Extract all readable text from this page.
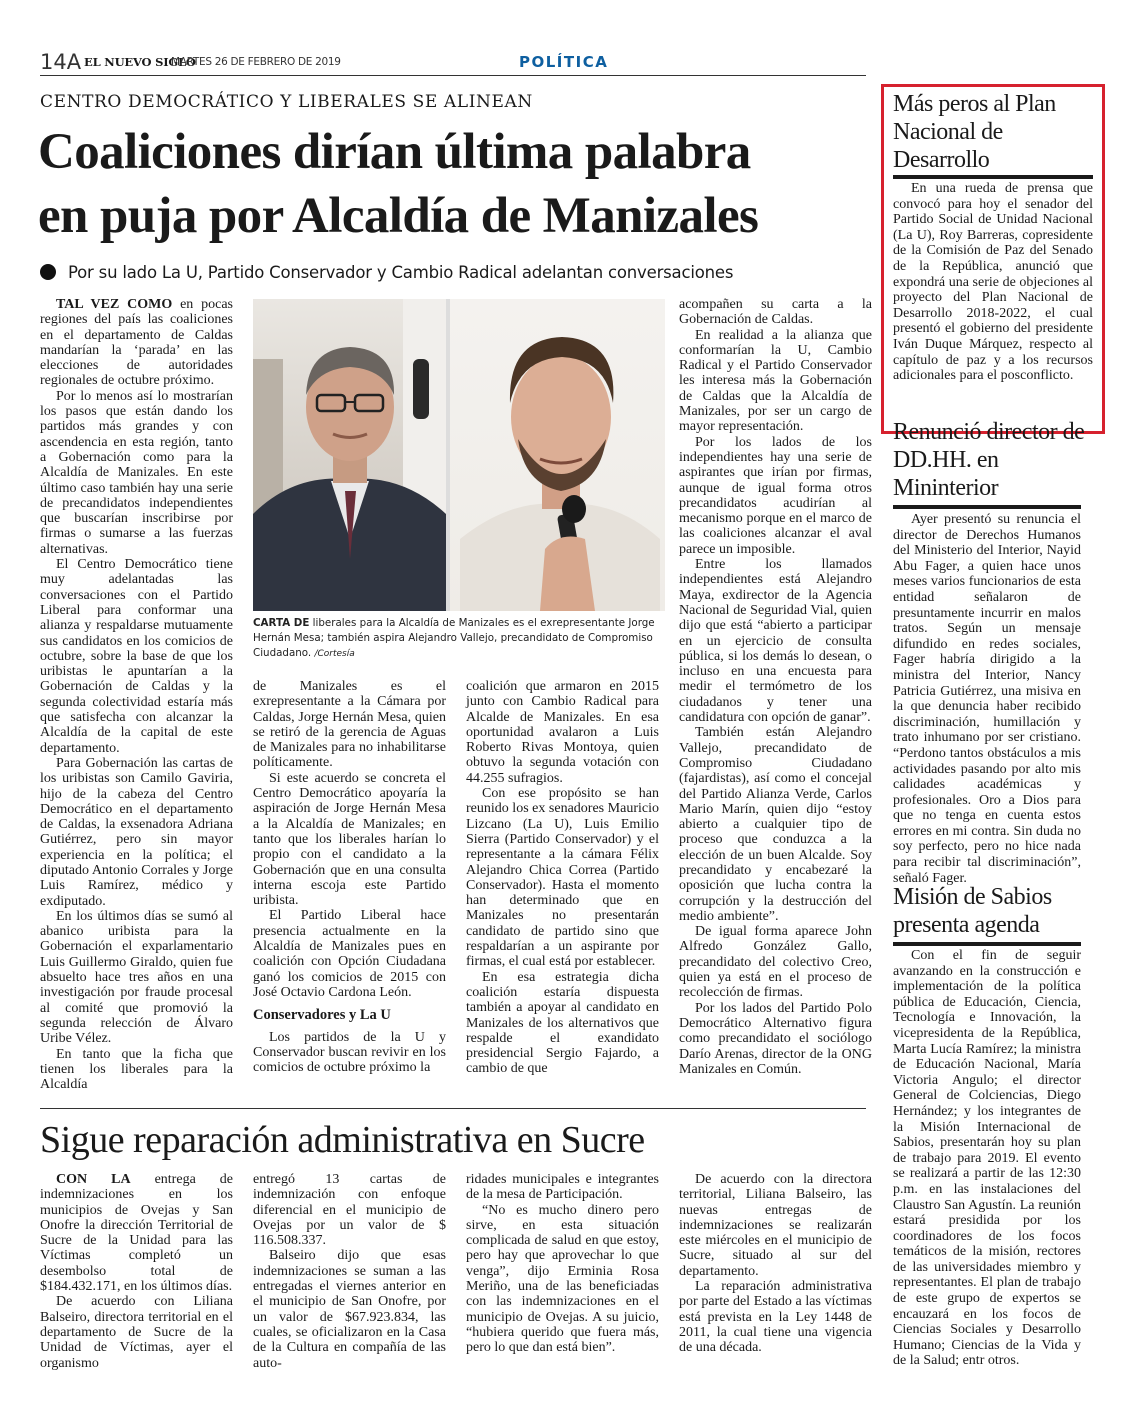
14A EL NUEVO SIGLO
MARTES 26 DE FEBRERO DE 2019	POLÍTICA
CENTRO DEMOCRÁTICO Y LIBERALES SE ALINEAN
Coaliciones dirían última palabra
en puja por Alcaldía de Manizales
Por su lado La U, Partido Conservador y Cambio Radical adelantan conversaciones

TAL VEZ COMO en pocas regiones del país las coaliciones en el departamento de Caldas mandarían la ‘parada’ en las elecciones de autoridades regionales de octubre próximo.

Por lo menos así lo mostrarían los pasos que están dando los partidos más grandes y con ascendencia en esta región, tanto a Gobernación como para la Alcaldía de Manizales. En este último caso también hay una serie de precandidatos independientes que buscarían inscribirse por firmas o sumarse a las fuerzas alternativas.

El Centro Democrático tiene muy adelantadas las conversaciones con el Partido Liberal para conformar una alianza y respaldarse mutuamente sus candidatos en los comicios de octubre, sobre la base de que los uribistas le apuntarían a la Gobernación de Caldas y la segunda colectividad estaría más que satisfecha con alcanzar la Alcaldía de la capital de este departamento.

Para Gobernación las cartas de los uribistas son Camilo Gaviria, hijo de la cabeza del Centro Democrático en el departamento de Caldas, la exsenadora Adriana Gutiérrez, pero sin mayor experiencia en la política; el diputado Antonio Corrales y Jorge Luis Ramírez, médico y exdiputado.

En los últimos días se sumó al abanico uribista para la Gobernación el exparlamentario Luis Guillermo Giraldo, quien fue absuelto hace tres años en una investigación por fraude procesal al comité que promovió la segunda relección de Álvaro Uribe Vélez.

En tanto que la ficha que tienen los liberales para la Alcaldía

CARTA DE liberales para la Alcaldía de Manizales es el exrepresentante Jorge Hernán Mesa; también aspira Alejandro Vallejo, precandidato de Compromiso Ciudadano. /Cortesía

de Manizales es el exrepresentante a la Cámara por Caldas, Jorge Hernán Mesa, quien se retiró de la gerencia de Aguas de Manizales para no inhabilitarse políticamente.

Si este acuerdo se concreta el Centro Democrático apoyaría la aspiración de Jorge Hernán Mesa a la Alcaldía de Manizales; en tanto que los liberales harían lo propio con el candidato a la Gobernación que en una consulta interna escoja este Partido uribista.

El Partido Liberal hace presencia actualmente en la Alcaldía de Manizales pues en coalición con Opción Ciudadana ganó los comicios de 2015 con José Octavio Cardona León.

Conservadores y La U

Los partidos de la U y Conservador buscan revivir en los comicios de octubre próximo la

coalición que armaron en 2015 junto con Cambio Radical para Alcalde de Manizales. En esa oportunidad avalaron a Luis Roberto Rivas Montoya, quien obtuvo la segunda votación con 44.255 sufragios.

Con ese propósito se han reunido los ex senadores Mauricio Lizcano (La U), Luis Emilio Sierra (Partido Conservador) y el representante a la cámara Félix Alejandro Chica Correa (Partido Conservador). Hasta el momento han determinado que en Manizales no presentarán candidato de partido sino que respaldarían a un aspirante por firmas, el cual está por establecer.

En esa estrategia dicha coalición estaría dispuesta también a apoyar al candidato en Manizales de los alternativos que respalde el exandidato presidencial Sergio Fajardo, a cambio de que

acompañen su carta a la Gobernación de Caldas.

En realidad a la alianza que conformarían la U, Cambio Radical y el Partido Conservador les interesa más la Gobernación de Caldas que la Alcaldía de Manizales, por ser un cargo de mayor representación.

Por los lados de los independientes hay una serie de aspirantes que irían por firmas, aunque de igual forma otros precandidatos acudirían al mecanismo porque en el marco de las coaliciones alcanzar el aval parece un imposible.

Entre los llamados independientes está Alejandro Maya, exdirector de la Agencia Nacional de Seguridad Vial, quien dijo que está “abierto a participar en un ejercicio de consulta pública, si los demás lo desean, o incluso en una encuesta para medir el termómetro de los ciudadanos y tener una candidatura con opción de ganar”.

También están Alejandro Vallejo, precandidato de Compromiso Ciudadano (fajardistas), así como el concejal del Partido Alianza Verde, Carlos Mario Marín, quien dijo “estoy abierto a cualquier tipo de proceso que conduzca a la elección de un buen Alcalde. Soy precandidato y encabezaré la oposición que lucha contra la corrupción y la destrucción del medio ambiente”.

De igual forma aparece John Alfredo González Gallo, precandidato del colectivo Creo, quien ya está en el proceso de recolección de firmas.

Por los lados del Partido Polo Democrático Alternativo figura como precandidato el sociólogo Darío Arenas, director de la ONG Manizales en Común.

Sigue reparación administrativa en Sucre

CON LA entrega de indemnizaciones en los municipios de Ovejas y San Onofre la dirección Territorial de Sucre de la Unidad para las Víctimas completó un desembolso total de $184.432.171, en los últimos días.

De acuerdo con Liliana Balseiro, directora territorial en el departamento de Sucre de la Unidad de Víctimas, ayer el organismo

entregó 13 cartas de indemnización con enfoque diferencial en el municipio de Ovejas por un valor de $ 116.508.337.

Balseiro dijo que esas indemnizaciones se suman a las entregadas el viernes anterior en el municipio de San Onofre, por un valor de $67.923.834, las cuales, se oficializaron en la Casa de la Cultura en compañía de las auto-

ridades municipales e integrantes de la mesa de Participación.

“No es mucho dinero pero sirve, en esta situación complicada de salud en que estoy, pero hay que aprovechar lo que venga”, dijo Erminia Rosa Meriño, una de las beneficiadas con las indemnizaciones en el municipio de Ovejas. A su juicio, “hubiera querido que fuera más, pero lo que dan está bien”.

De acuerdo con la directora territorial, Liliana Balseiro, las nuevas entregas de indemnizaciones se realizarán este miércoles en el municipio de Sucre, situado al sur del departamento.

La reparación administrativa por parte del Estado a las víctimas está prevista en la Ley 1448 de 2011, la cual tiene una vigencia de una década.

Más peros al Plan Nacional de Desarrollo

En una rueda de prensa que convocó para hoy el senador del Partido Social de Unidad Nacional (La U), Roy Barreras, copresidente de la Comisión de Paz del Senado de la República, anunció que expondrá una serie de objeciones al proyecto del Plan Nacional de Desarrollo 2018-2022, el cual presentó el gobierno del presidente Iván Duque Márquez, respecto al capítulo de paz y a los recursos adicionales para el posconflicto.

Renunció director de DD.HH. en Mininterior

Ayer presentó su renuncia el director de Derechos Humanos del Ministerio del Interior, Nayid Abu Fager, a quien hace unos meses varios funcionarios de esta entidad señalaron de presuntamente incurrir en malos tratos. Según un mensaje difundido en redes sociales, Fager habría dirigido a la ministra del Interior, Nancy Patricia Gutiérrez, una misiva en la que denuncia haber recibido discriminación, humillación y trato inhumano por ser cristiano. “Perdono tantos obstáculos a mis actividades pasando por alto mis calidades académicas y profesionales. Oro a Dios para que no tenga en cuenta estos errores en mi contra. Sin duda no soy perfecto, pero no hice nada para recibir tal discriminación”, señaló Fager.

Misión de Sabios presenta agenda

Con el fin de seguir avanzando en la construcción e implementación de la política pública de Educación, Ciencia, Tecnología e Innovación, la vicepresidenta de la República, Marta Lucía Ramírez; la ministra de Educación Nacional, María Victoria Angulo; el director General de Colciencias, Diego Hernández; y los integrantes de la Misión Internacional de Sabios, presentarán hoy su plan de trabajo para 2019. El evento se realizará a partir de las 12:30 p.m. en las instalaciones del Claustro San Agustín. La reunión estará presidida por los coordinadores de los focos temáticos de la misión, rectores de las universidades miembro y representantes. El plan de trabajo de este grupo de expertos se encauzará en los focos de Ciencias Sociales y Desarrollo Humano; Ciencias de la Vida y de la Salud; entr otros.
